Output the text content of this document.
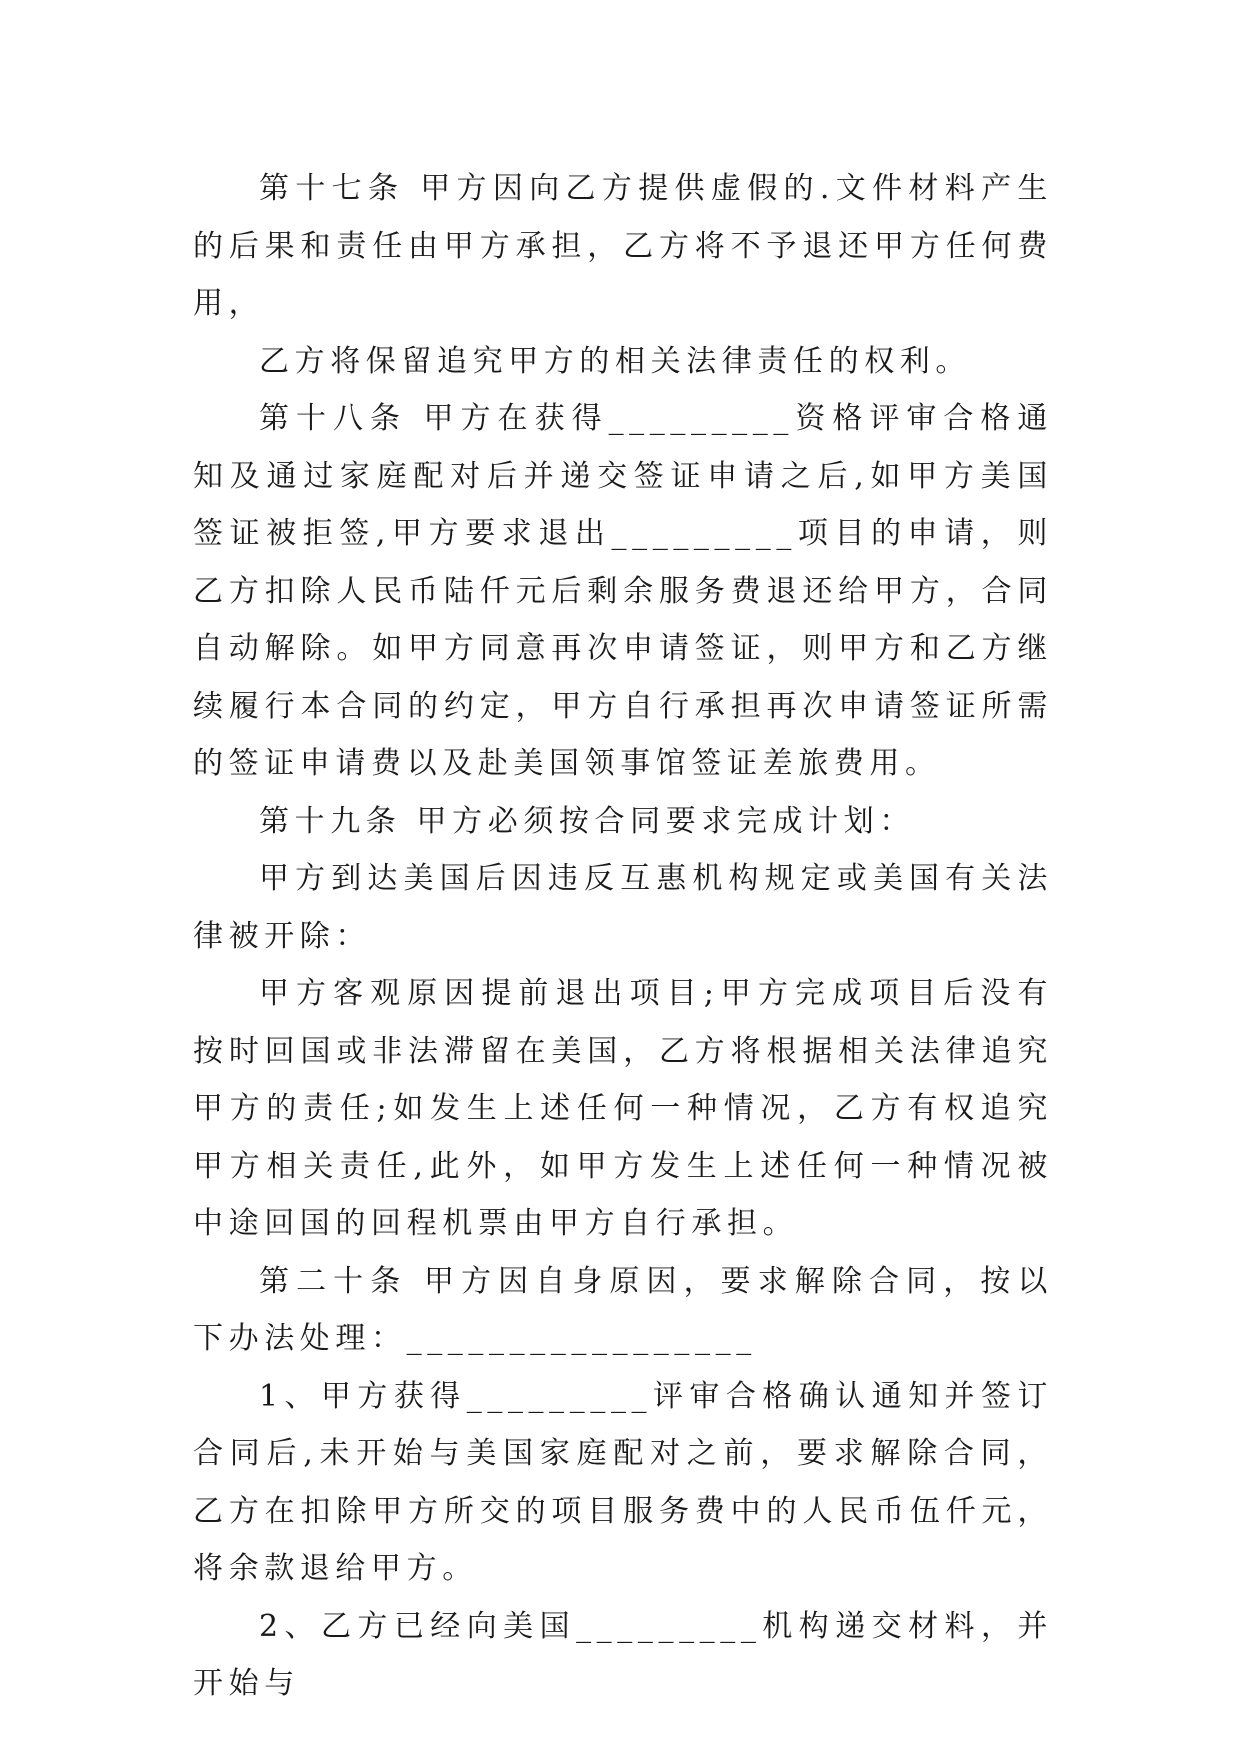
第十七条 甲方因向乙方提供虚假的.文件材料产生的后果和责任由甲方承担，乙方将不予退还甲方任何费用，

乙方将保留追究甲方的相关法律责任的权利。

第十八条 甲方在获得_________资格评审合格通知及通过家庭配对后并递交签证申请之后,如甲方美国签证被拒签,甲方要求退出_________项目的申请，则乙方扣除人民币陆仟元后剩余服务费退还给甲方，合同自动解除。如甲方同意再次申请签证，则甲方和乙方继续履行本合同的约定，甲方自行承担再次申请签证所需的签证申请费以及赴美国领事馆签证差旅费用。

第十九条 甲方必须按合同要求完成计划：

甲方到达美国后因违反互惠机构规定或美国有关法律被开除：

甲方客观原因提前退出项目;甲方完成项目后没有按时回国或非法滞留在美国，乙方将根据相关法律追究甲方的责任;如发生上述任何一种情况，乙方有权追究甲方相关责任,此外，如甲方发生上述任何一种情况被中途回国的回程机票由甲方自行承担。

第二十条 甲方因自身原因，要求解除合同，按以下办法处理：_________________

1、甲方获得_________评审合格确认通知并签订合同后,未开始与美国家庭配对之前，要求解除合同，乙方在扣除甲方所交的项目服务费中的人民币伍仟元，将余款退给甲方。

2、乙方已经向美国_________机构递交材料，并开始与
